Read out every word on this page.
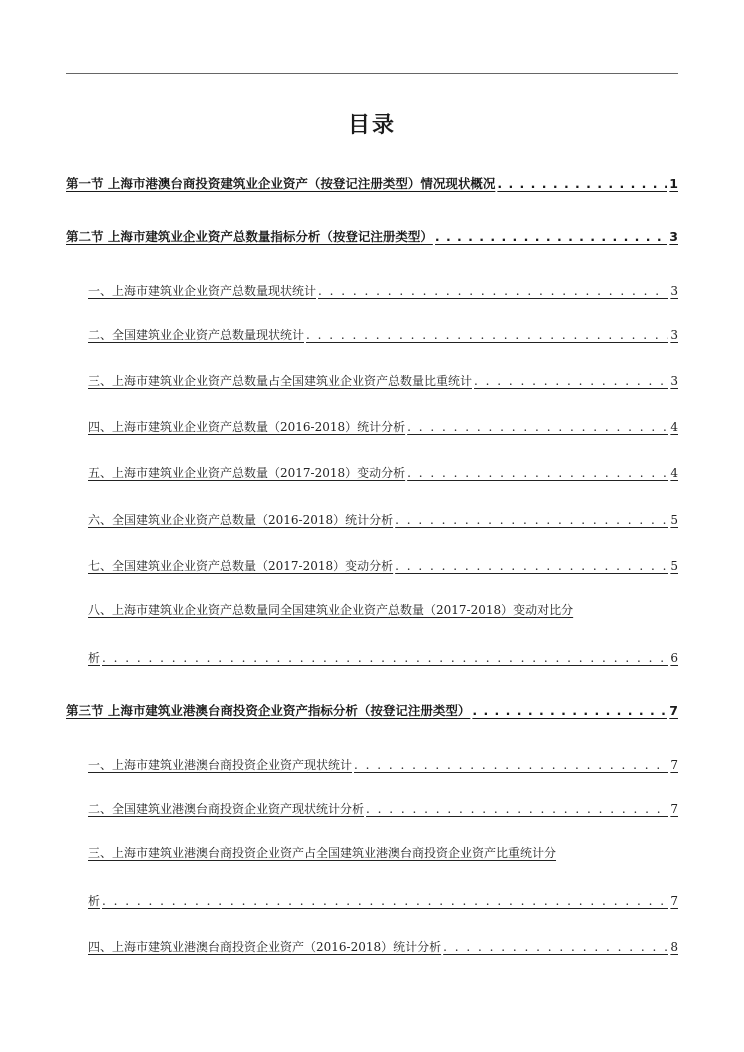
目录
第一节 上海市港澳台商投资建筑业企业资产（按登记注册类型）情况现状概况 . . .	1
第二节 上海市建筑业企业资产总数量指标分析（按登记注册类型） . . .	3
一、上海市建筑业企业资产总数量现状统计 . . .	3
二、全国建筑业企业资产总数量现状统计 . . .	3
三、上海市建筑业企业资产总数量占全国建筑业企业资产总数量比重统计 . . .	3
四、上海市建筑业企业资产总数量（2016-2018）统计分析 . . .	4
五、上海市建筑业企业资产总数量（2017-2018）变动分析 . . .	4
六、全国建筑业企业资产总数量（2016-2018）统计分析 . . .	5
七、全国建筑业企业资产总数量（2017-2018）变动分析 . . .	5
八、上海市建筑业企业资产总数量同全国建筑业企业资产总数量（2017-2018）变动对比分
析 . . .	6
第三节 上海市建筑业港澳台商投资企业资产指标分析（按登记注册类型） . . .	7
一、上海市建筑业港澳台商投资企业资产现状统计 . . .	7
二、全国建筑业港澳台商投资企业资产现状统计分析 . . .	7
三、上海市建筑业港澳台商投资企业资产占全国建筑业港澳台商投资企业资产比重统计分
析 . . .	7
四、上海市建筑业港澳台商投资企业资产（2016-2018）统计分析 . . .	8
